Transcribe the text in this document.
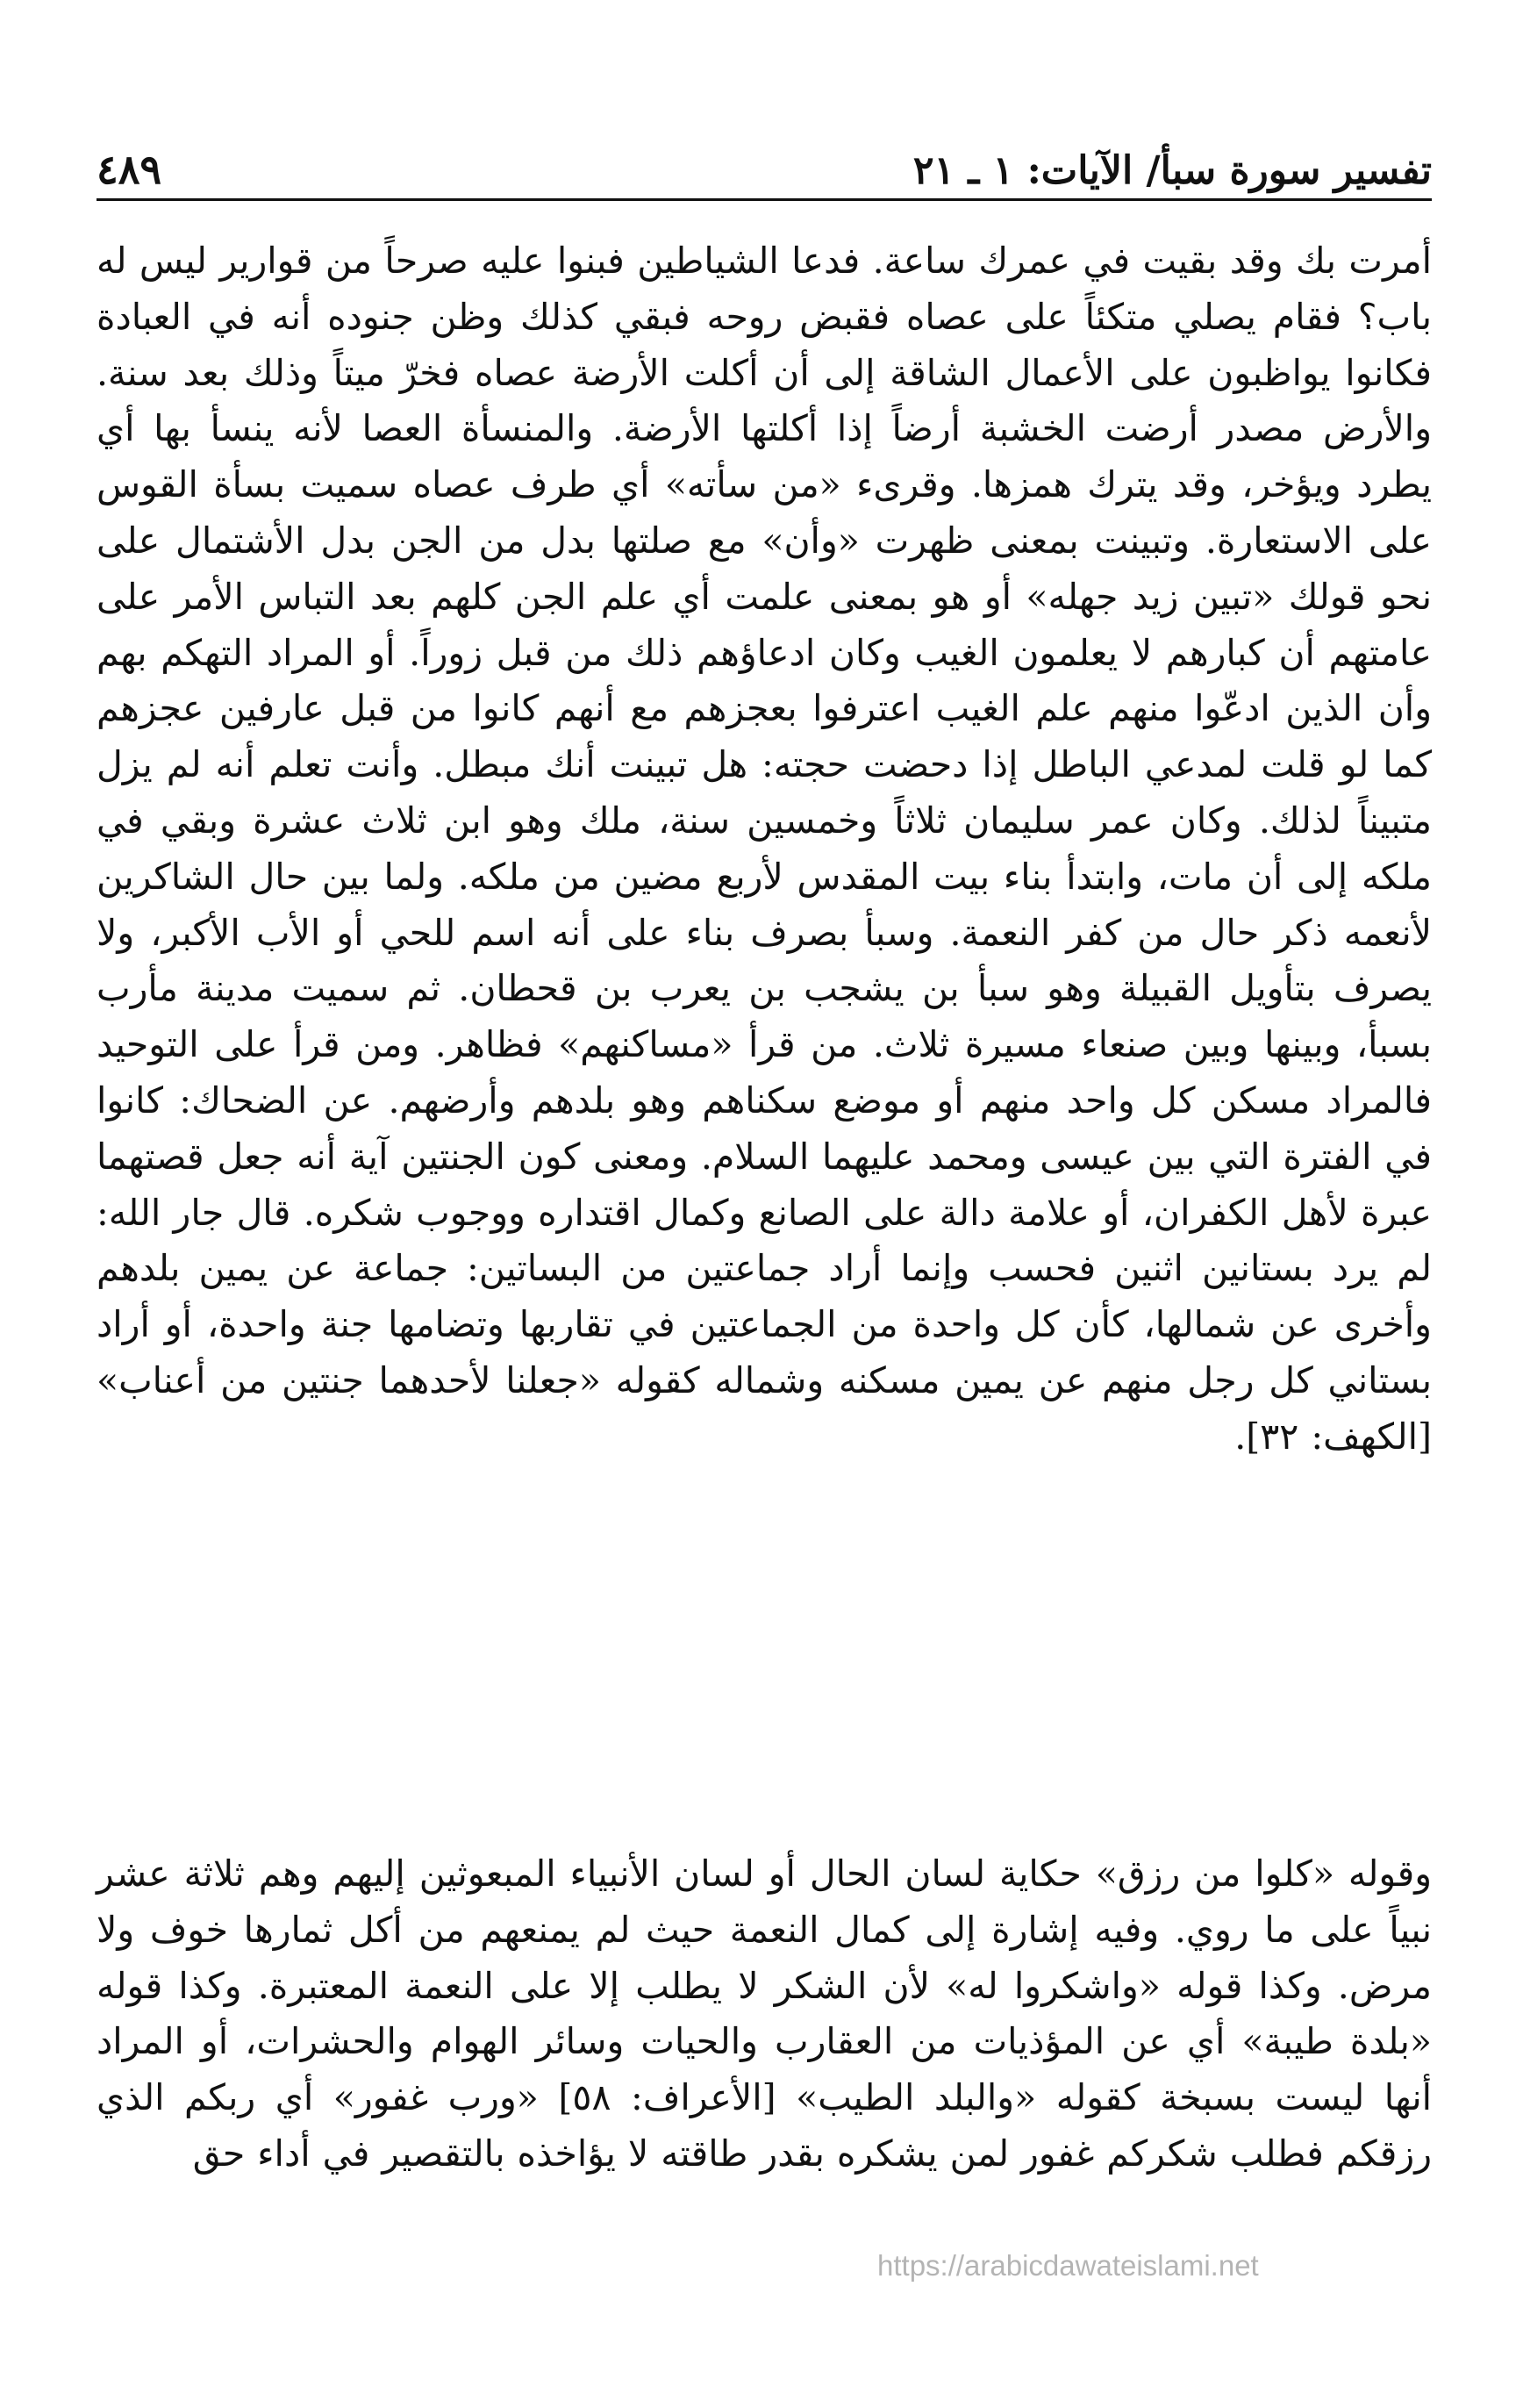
تفسير سورة سبأ/ الآيات: ١ ـ ٢١
٤٨٩

أمرت بك وقد بقيت في عمرك ساعة. فدعا الشياطين فبنوا عليه صرحاً من قوارير ليس له باب؟ فقام يصلي متكئاً على عصاه فقبض روحه فبقي كذلك وظن جنوده أنه في العبادة فكانوا يواظبون على الأعمال الشاقة إلى أن أكلت الأرضة عصاه فخرّ ميتاً وذلك بعد سنة. والأرض مصدر أرضت الخشبة أرضاً إذا أكلتها الأرضة. والمنسأة العصا لأنه ينسأ بها أي يطرد ويؤخر، وقد يترك همزها. وقرىء «من سأته» أي طرف عصاه سميت بسأة القوس على الاستعارة. وتبينت بمعنى ظهرت «وأن» مع صلتها بدل من الجن بدل الأشتمال على نحو قولك «تبين زيد جهله» أو هو بمعنى علمت أي علم الجن كلهم بعد التباس الأمر على عامتهم أن كبارهم لا يعلمون الغيب وكان ادعاؤهم ذلك من قبل زوراً. أو المراد التهكم بهم وأن الذين ادعّوا منهم علم الغيب اعترفوا بعجزهم مع أنهم كانوا من قبل عارفين عجزهم كما لو قلت لمدعي الباطل إذا دحضت حجته: هل تبينت أنك مبطل. وأنت تعلم أنه لم يزل متبيناً لذلك. وكان عمر سليمان ثلاثاً وخمسين سنة، ملك وهو ابن ثلاث عشرة وبقي في ملكه إلى أن مات، وابتدأ بناء بيت المقدس لأربع مضين من ملكه. ولما بين حال الشاكرين لأنعمه ذكر حال من كفر النعمة. وسبأ بصرف بناء على أنه اسم للحي أو الأب الأكبر، ولا يصرف بتأويل القبيلة وهو سبأ بن يشجب بن يعرب بن قحطان. ثم سميت مدينة مأرب بسبأ، وبينها وبين صنعاء مسيرة ثلاث. من قرأ «مساكنهم» فظاهر. ومن قرأ على التوحيد فالمراد مسكن كل واحد منهم أو موضع سكناهم وهو بلدهم وأرضهم. عن الضحاك: كانوا في الفترة التي بين عيسى ومحمد عليهما السلام. ومعنى كون الجنتين آية أنه جعل قصتهما عبرة لأهل الكفران، أو علامة دالة على الصانع وكمال اقتداره ووجوب شكره. قال جار الله: لم يرد بستانين اثنين فحسب وإنما أراد جماعتين من البساتين: جماعة عن يمين بلدهم وأخرى عن شمالها، كأن كل واحدة من الجماعتين في تقاربها وتضامها جنة واحدة، أو أراد بستاني كل رجل منهم عن يمين مسكنه وشماله كقوله «جعلنا لأحدهما جنتين من أعناب» [الكهف: ٣٢].

وقوله «كلوا من رزق» حكاية لسان الحال أو لسان الأنبياء المبعوثين إليهم وهم ثلاثة عشر نبياً على ما روي. وفيه إشارة إلى كمال النعمة حيث لم يمنعهم من أكل ثمارها خوف ولا مرض. وكذا قوله «واشكروا له» لأن الشكر لا يطلب إلا على النعمة المعتبرة. وكذا قوله «بلدة طيبة» أي عن المؤذيات من العقارب والحيات وسائر الهوام والحشرات، أو المراد أنها ليست بسبخة كقوله «والبلد الطيب» [الأعراف: ٥٨] «ورب غفور» أي ربكم الذي رزقكم فطلب شكركم غفور لمن يشكره بقدر طاقته لا يؤاخذه بالتقصير في أداء حق

https://arabicdawateislami.net
